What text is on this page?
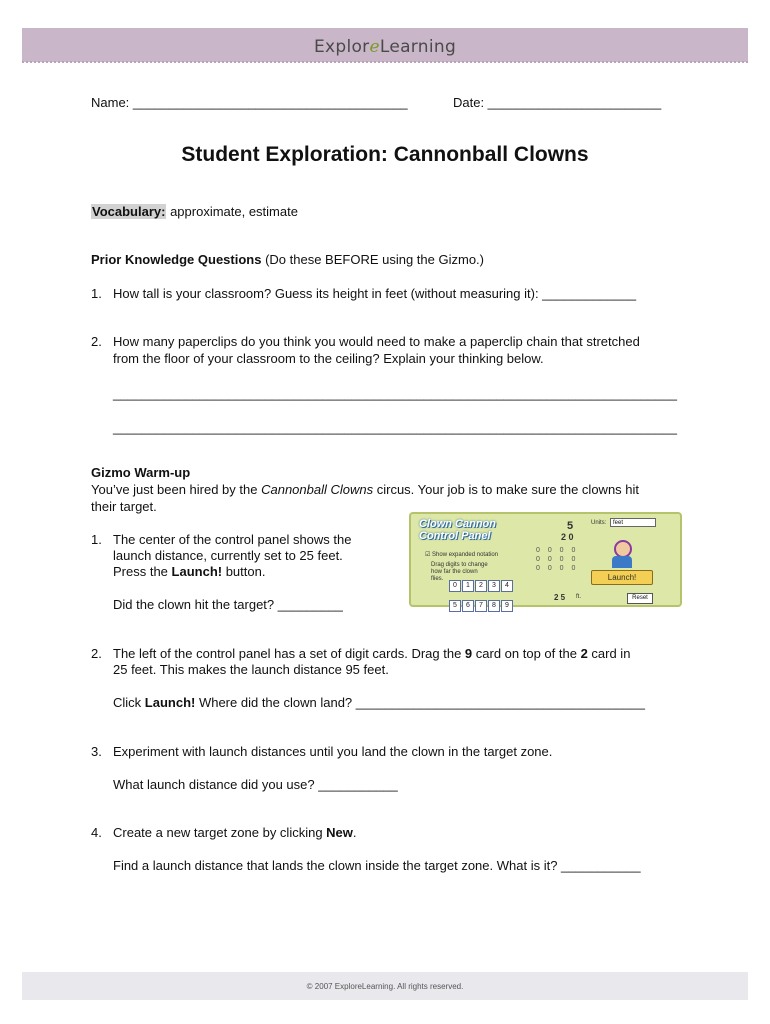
ExploreLearning
Name: ______________________________________	Date: ________________________
Student Exploration: Cannonball Clowns
Vocabulary: approximate, estimate
Prior Knowledge Questions (Do these BEFORE using the Gizmo.)
1. How tall is your classroom? Guess its height in feet (without measuring it): _____________
2. How many paperclips do you think you would need to make a paperclip chain that stretched
from the floor of your classroom to the ceiling? Explain your thinking below.
______________________________________________________________________________
______________________________________________________________________________
Gizmo Warm-up
You’ve just been hired by the Cannonball Clowns circus. Your job is to make sure the clowns hit
their target.
1. The center of the control panel shows the
launch distance, currently set to 25 feet.
Press the Launch! button.
Did the clown hit the target? _________
Clown Cannon
Control Panel
☑ Show expanded notation
Drag digits to change how far the clown flies.
5
2 0
0 0 0 0
0 0 0 0
0 0 0 0
Units:	feet
0 1 2 3 4
5 6 7 8 9
Launch!
2 5 ft.	Reset
2. The left of the control panel has a set of digit cards. Drag the 9 card on top of the 2 card in
25 feet. This makes the launch distance 95 feet.
Click Launch! Where did the clown land? ________________________________________
3. Experiment with launch distances until you land the clown in the target zone.
What launch distance did you use? ___________
4. Create a new target zone by clicking New.
Find a launch distance that lands the clown inside the target zone. What is it? ___________
© 2007 ExploreLearning. All rights reserved.
